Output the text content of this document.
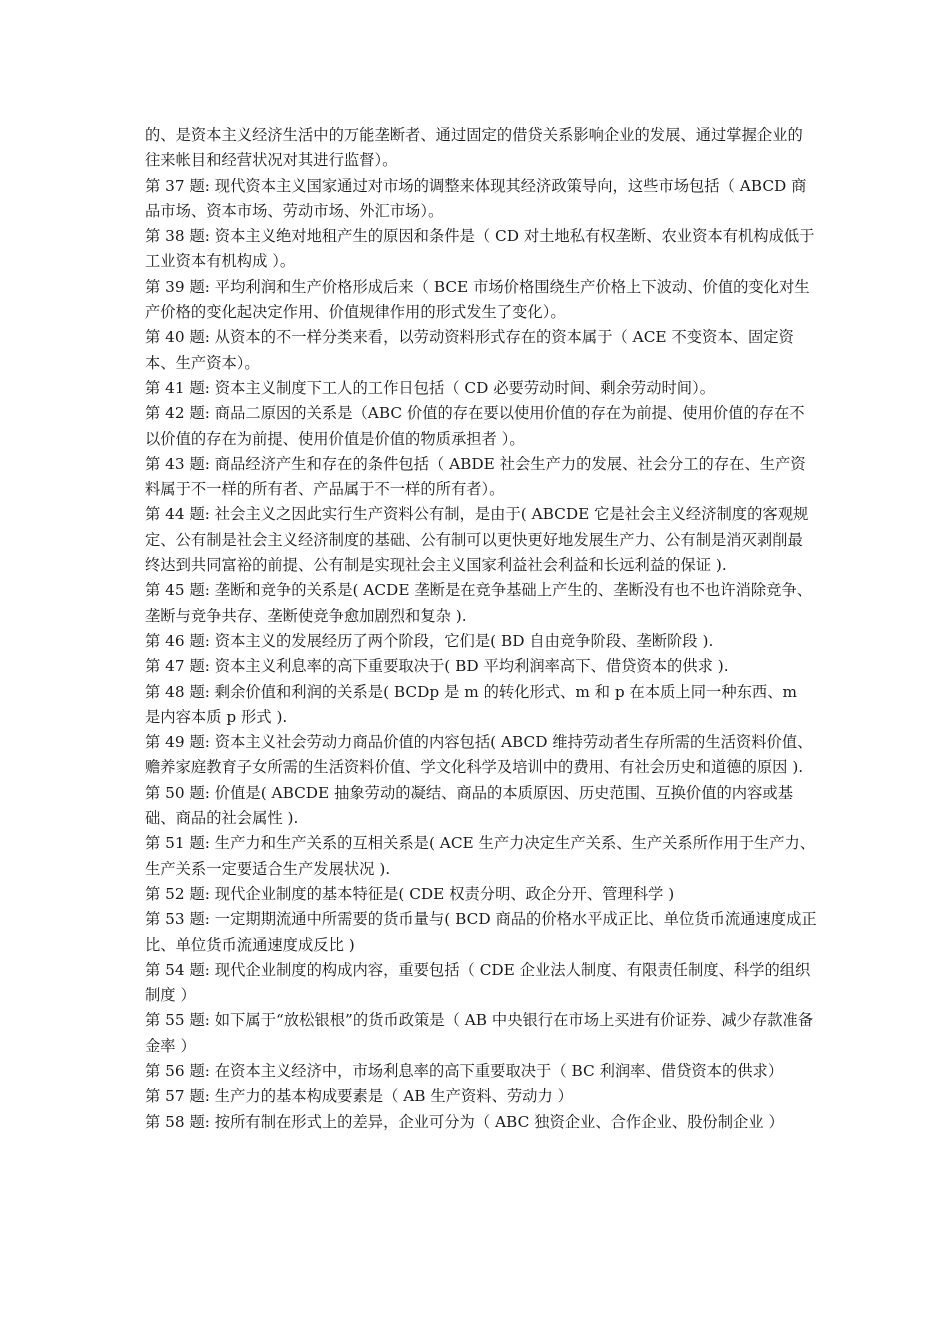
的、是资本主义经济生活中的万能垄断者、通过固定的借贷关系影响企业的发展、通过掌握企业的往来帐目和经营状况对其进行监督）。

第 37 题: 现代资本主义国家通过对市场的调整来体现其经济政策导向，这些市场包括（ ABCD 商品市场、资本市场、劳动市场、外汇市场）。

第 38 题: 资本主义绝对地租产生的原因和条件是（ CD 对土地私有权垄断、农业资本有机构成低于工业资本有机构成 ）。

第 39 题: 平均利润和生产价格形成后来（ BCE 市场价格围绕生产价格上下波动、价值的变化对生产价格的变化起决定作用、价值规律作用的形式发生了变化）。

第 40 题: 从资本的不一样分类来看，以劳动资料形式存在的资本属于（ ACE 不变资本、固定资本、生产资本）。

第 41 题: 资本主义制度下工人的工作日包括（ CD 必要劳动时间、剩余劳动时间）。

第 42 题: 商品二原因的关系是（ABC 价值的存在要以使用价值的存在为前提、使用价值的存在不以价值的存在为前提、使用价值是价值的物质承担者 ）。

第 43 题: 商品经济产生和存在的条件包括（ ABDE 社会生产力的发展、社会分工的存在、生产资料属于不一样的所有者、产品属于不一样的所有者）。

第 44 题: 社会主义之因此实行生产资料公有制，是由于( ABCDE 它是社会主义经济制度的客观规定、公有制是社会主义经济制度的基础、公有制可以更快更好地发展生产力、公有制是消灭剥削最终达到共同富裕的前提、公有制是实现社会主义国家利益社会利益和长远利益的保证 ).

第 45 题: 垄断和竞争的关系是( ACDE 垄断是在竞争基础上产生的、垄断没有也不也许消除竞争、垄断与竞争共存、垄断使竞争愈加剧烈和复杂 ).

第 46 题: 资本主义的发展经历了两个阶段，它们是( BD 自由竞争阶段、垄断阶段 ).

第 47 题: 资本主义利息率的高下重要取决于( BD 平均利润率高下、借贷资本的供求 ).

第 48 题: 剩余价值和利润的关系是( BCDp 是 m 的转化形式、m 和 p 在本质上同一种东西、m 是内容本质 p 形式 ).

第 49 题: 资本主义社会劳动力商品价值的内容包括( ABCD 维持劳动者生存所需的生活资料价值、赡养家庭教育子女所需的生活资料价值、学文化科学及培训中的费用、有社会历史和道德的原因 ).

第 50 题: 价值是( ABCDE 抽象劳动的凝结、商品的本质原因、历史范围、互换价值的内容或基础、商品的社会属性 ).

第 51 题: 生产力和生产关系的互相关系是( ACE 生产力决定生产关系、生产关系所作用于生产力、生产关系一定要适合生产发展状况 ).

第 52 题: 现代企业制度的基本特征是( CDE 权责分明、政企分开、管理科学 )

第 53 题: 一定期期流通中所需要的货币量与( BCD 商品的价格水平成正比、单位货币流通速度成正比、单位货币流通速度成反比 )

第 54 题: 现代企业制度的构成内容，重要包括（ CDE 企业法人制度、有限责任制度、科学的组织制度 ）

第 55 题: 如下属于“放松银根”的货币政策是（ AB 中央银行在市场上买进有价证券、减少存款准备金率 ）

第 56 题: 在资本主义经济中，市场利息率的高下重要取决于（ BC 利润率、借贷资本的供求）

第 57 题: 生产力的基本构成要素是（ AB 生产资料、劳动力 ）

第 58 题: 按所有制在形式上的差异，企业可分为（ ABC 独资企业、合作企业、股份制企业 ）
